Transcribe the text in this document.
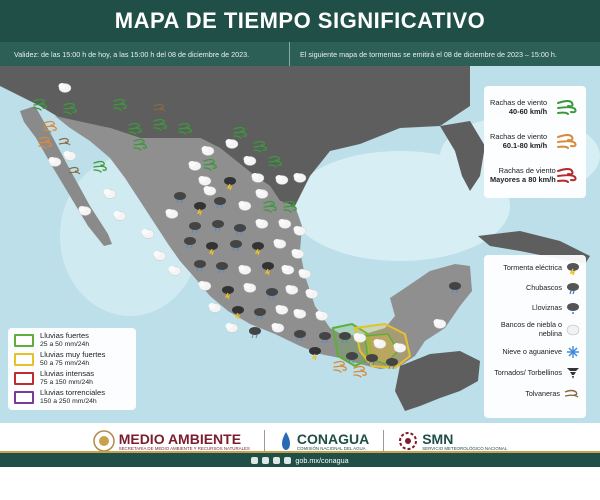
MAPA DE TIEMPO SIGNIFICATIVO
Validez: de las 15:00 h de hoy, a las 15:00 h del 08 de diciembre de 2023.	El siguiente mapa de tormentas se emitirá el 08 de diciembre de 2023 – 15:00 h.
Rachas de viento
40-60 km/h
Rachas de viento
60.1-80 km/h
Rachas de viento
Mayores a 80 km/h
Tormenta eléctrica
Chubascos
Lloviznas
Bancos de niebla o neblina
Nieve o aguanieve
Tornados/ Torbellinos
Tolvaneras
Lluvias fuertes
25 a 50 mm/24h
Lluvias muy fuertes
50 a 75 mm/24h
Lluvias intensas
75 a 150 mm/24h
Lluvias torrenciales
150 a 250 mm/24h
MEDIO AMBIENTE
SECRETARÍA DE MEDIO AMBIENTE Y RECURSOS NATURALES
CONAGUA
COMISIÓN NACIONAL DEL AGUA
SMN
SERVICIO METEOROLÓGICO NACIONAL
gob.mx/conagua
